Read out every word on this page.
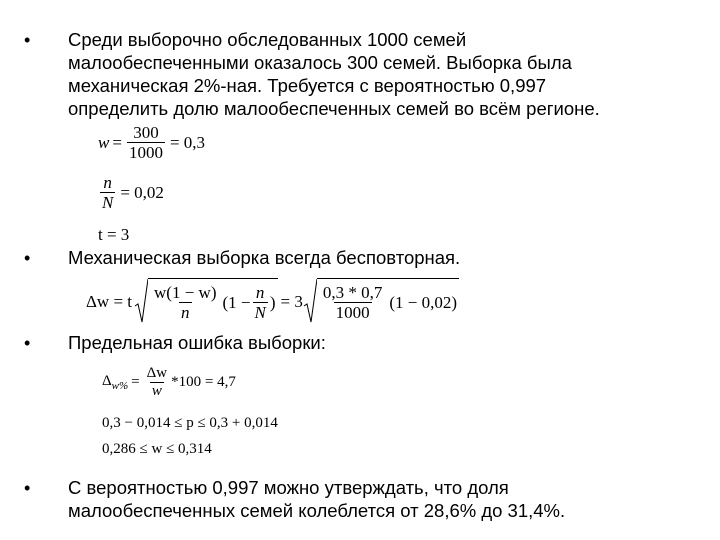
• Среди выборочно обследованных 1000 семей
малообеспеченными оказалось 300 семей. Выборка была
механическая 2%-ная. Требуется с вероятностью 0,997
определить долю малообеспеченных семей во всём регионе.
$w = \frac{300}{1000} = 0,3$
$\frac{n}{N} = 0,02$
t = 3
• Механическая выборка всегда бесповторная.
Δw = t $\frac{w(1 - w)}{n} (1 - \frac{n}{N}$ ) = $3 \frac{0,3 * 0,7}{1000} (1 - 0,02)$
• Предельная ошибка выборки:
$\Delta_{w\%} = \frac{\Delta w}{w} *100 = 4,7$
0,3 − 0,014 ≤ p ≤ 0,3 + 0,014
0,286 ≤ w ≤ 0,314
• С вероятностью 0,997 можно утверждать, что доля
малообеспеченных семей колеблется от 28,6% до 31,4%.
